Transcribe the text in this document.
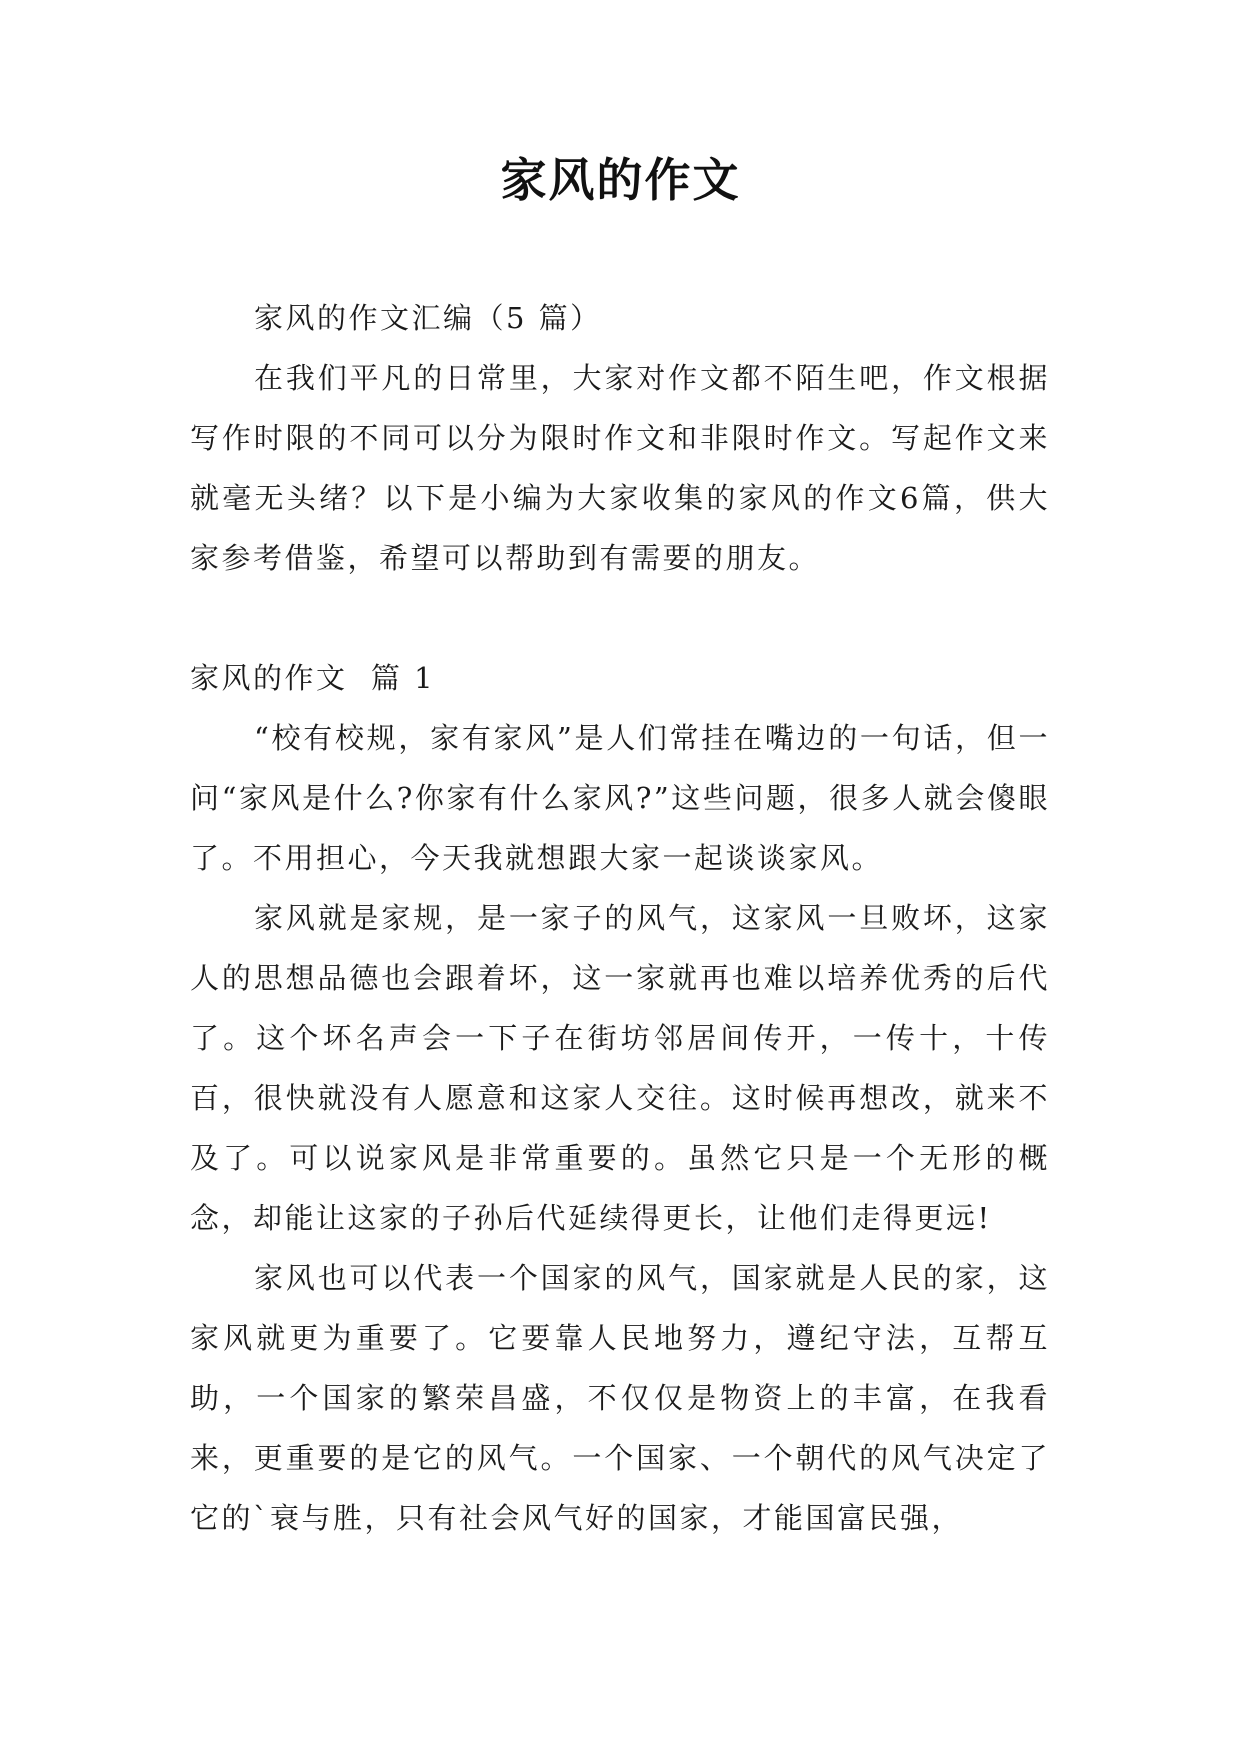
家风的作文

家风的作文汇编（5 篇）

在我们平凡的日常里，大家对作文都不陌生吧，作文根据写作时限的不同可以分为限时作文和非限时作文。写起作文来就毫无头绪？以下是小编为大家收集的家风的作文6篇，供大家参考借鉴，希望可以帮助到有需要的朋友。

家风的作文  篇 1

“校有校规，家有家风”是人们常挂在嘴边的一句话，但一问“家风是什么?你家有什么家风?”这些问题，很多人就会傻眼了。不用担心，今天我就想跟大家一起谈谈家风。

家风就是家规，是一家子的风气，这家风一旦败坏，这家人的思想品德也会跟着坏，这一家就再也难以培养优秀的后代了。这个坏名声会一下子在街坊邻居间传开，一传十，十传百，很快就没有人愿意和这家人交往。这时候再想改，就来不及了。可以说家风是非常重要的。虽然它只是一个无形的概念，却能让这家的子孙后代延续得更长，让他们走得更远!

家风也可以代表一个国家的风气，国家就是人民的家，这家风就更为重要了。它要靠人民地努力，遵纪守法，互帮互助，一个国家的繁荣昌盛，不仅仅是物资上的丰富，在我看来，更重要的是它的风气。一个国家、一个朝代的风气决定了它的`衰与胜，只有社会风气好的国家，才能国富民强，
